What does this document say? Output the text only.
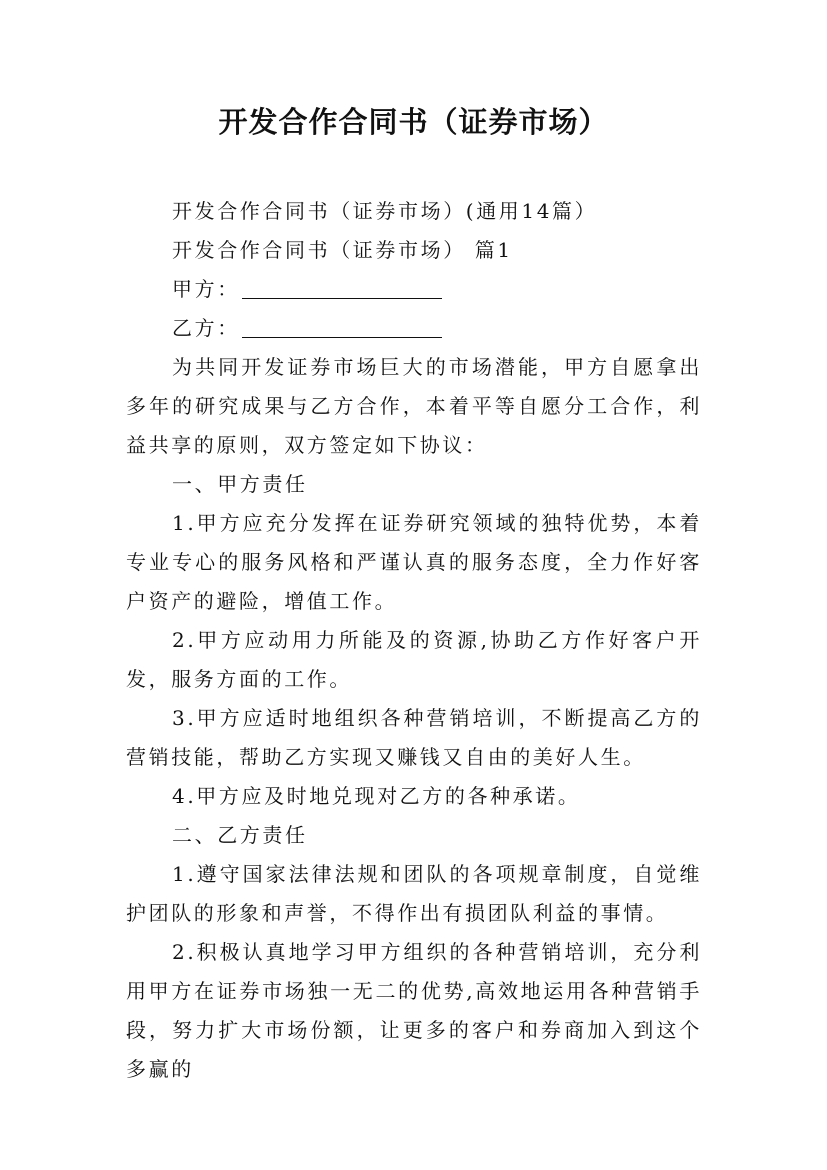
开发合作合同书（证券市场）

开发合作合同书（证券市场）(通用14篇）

开发合作合同书（证券市场） 篇1

甲方：

乙方：

为共同开发证券市场巨大的市场潜能，甲方自愿拿出多年的研究成果与乙方合作，本着平等自愿分工合作，利益共享的原则，双方签定如下协议：

一、甲方责任

1.甲方应充分发挥在证券研究领域的独特优势，本着专业专心的服务风格和严谨认真的服务态度，全力作好客户资产的避险，增值工作。

2.甲方应动用力所能及的资源,协助乙方作好客户开发，服务方面的工作。

3.甲方应适时地组织各种营销培训，不断提高乙方的营销技能，帮助乙方实现又赚钱又自由的美好人生。

4.甲方应及时地兑现对乙方的各种承诺。

二、乙方责任

1.遵守国家法律法规和团队的各项规章制度，自觉维护团队的形象和声誉，不得作出有损团队利益的事情。

2.积极认真地学习甲方组织的各种营销培训，充分利用甲方在证券市场独一无二的优势,高效地运用各种营销手段，努力扩大市场份额，让更多的客户和券商加入到这个多赢的
